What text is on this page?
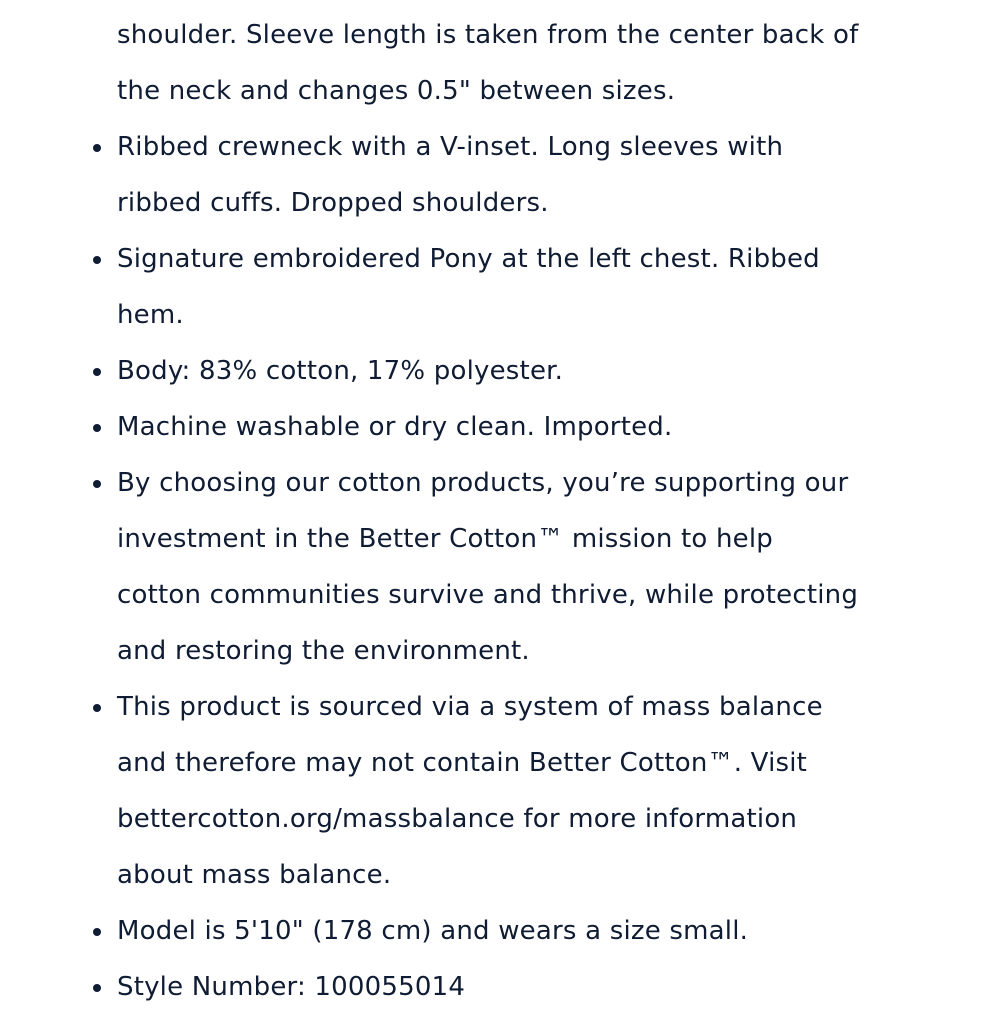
shoulder. Sleeve length is taken from the center back of
the neck and changes 0.5" between sizes.
Ribbed crewneck with a V-inset. Long sleeves with
ribbed cuffs. Dropped shoulders.
Signature embroidered Pony at the left chest. Ribbed
hem.
Body: 83% cotton, 17% polyester.
Machine washable or dry clean. Imported.
By choosing our cotton products, you’re supporting our
investment in the Better Cotton™ mission to help
cotton communities survive and thrive, while protecting
and restoring the environment.
This product is sourced via a system of mass balance
and therefore may not contain Better Cotton™. Visit
bettercotton.org/massbalance for more information
about mass balance.
Model is 5'10" (178 cm) and wears a size small.
Style Number: 100055014
